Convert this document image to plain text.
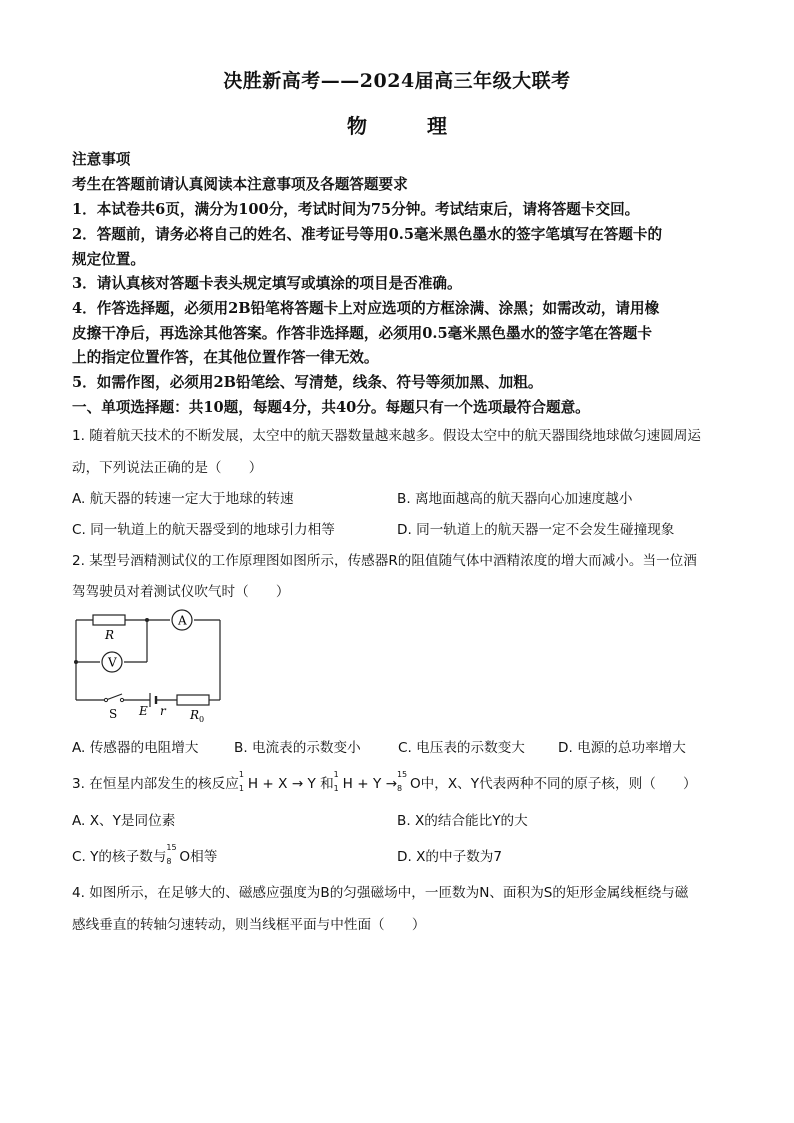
决胜新高考——2024届高三年级大联考
物　理
注意事项
考生在答题前请认真阅读本注意事项及各题答题要求
1．本试卷共6页，满分为100分，考试时间为75分钟。考试结束后，请将答题卡交回。
2．答题前，请务必将自己的姓名、准考证号等用0.5毫米黑色墨水的签字笔填写在答题卡的
规定位置。
3．请认真核对答题卡表头规定填写或填涂的项目是否准确。
4．作答选择题，必须用2B铅笔将答题卡上对应选项的方框涂满、涂黑；如需改动，请用橡
皮擦干净后，再选涂其他答案。作答非选择题，必须用0.5毫米黑色墨水的签字笔在答题卡
上的指定位置作答，在其他位置作答一律无效。
5．如需作图，必须用2B铅笔绘、写清楚，线条、符号等须加黑、加粗。
一、单项选择题：共10题，每题4分，共40分。每题只有一个选项最符合题意。
1. 随着航天技术的不断发展，太空中的航天器数量越来越多。假设太空中的航天器围绕地球做匀速圆周运
动，下列说法正确的是（　　）
A. 航天器的转速一定大于地球的转速	B. 离地面越高的航天器向心加速度越小
C. 同一轨道上的航天器受到的地球引力相等	D. 同一轨道上的航天器一定不会发生碰撞现象
2. 某型号酒精测试仪的工作原理图如图所示，传感器R的阻值随气体中酒精浓度的增大而减小。当一位酒
驾驾驶员对着测试仪吹气时（　　）
R
A
V
S E r $R_0$
A. 传感器的电阻增大	B. 电流表的示数变小	C. 电压表的示数变大 D. 电源的总功率增大
3. 在恒星内部发生的核反应
1
1 H + X → Y 和
1
1 H + Y →
15
8 O中，X、Y代表两种不同的原子核，则（　　）
A. X、Y是同位素	B. X的结合能比Y的大
C. Y的核子数与
15
8 O相等	D. X的中子数为7
4. 如图所示，在足够大的、磁感应强度为B的匀强磁场中，一匝数为N、面积为S的矩形金属线框绕与磁
感线垂直的转轴匀速转动，则当线框平面与中性面（　　）
